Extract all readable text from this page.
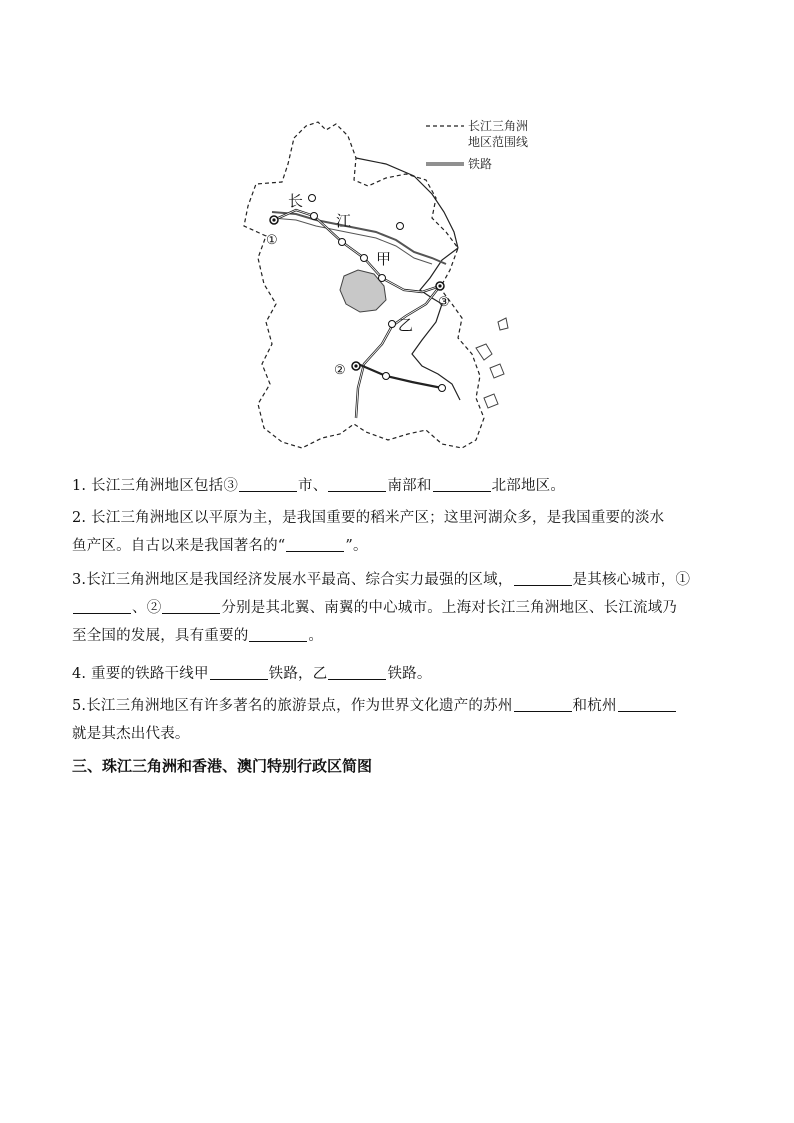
长
江
甲
乙
①
②
③
长江三角洲
地区范围线
铁路
1. 长江三角洲地区包括③	市、	南部和	北部地区。
2. 长江三角洲地区以平原为主，是我国重要的稻米产区；这里河湖众多，是我国重要的淡水
鱼产区。自古以来是我国著名的“	”。
3.长江三角洲地区是我国经济发展水平最高、综合实力最强的区域，	是其核心城市，①
、②	分别是其北翼、南翼的中心城市。上海对长江三角洲地区、长江流域乃
至全国的发展，具有重要的	。
4. 重要的铁路干线甲	铁路，乙	铁路。
5.长江三角洲地区有许多著名的旅游景点，作为世界文化遗产的苏州	和杭州
就是其杰出代表。
三、珠江三角洲和香港、澳门特别行政区简图
